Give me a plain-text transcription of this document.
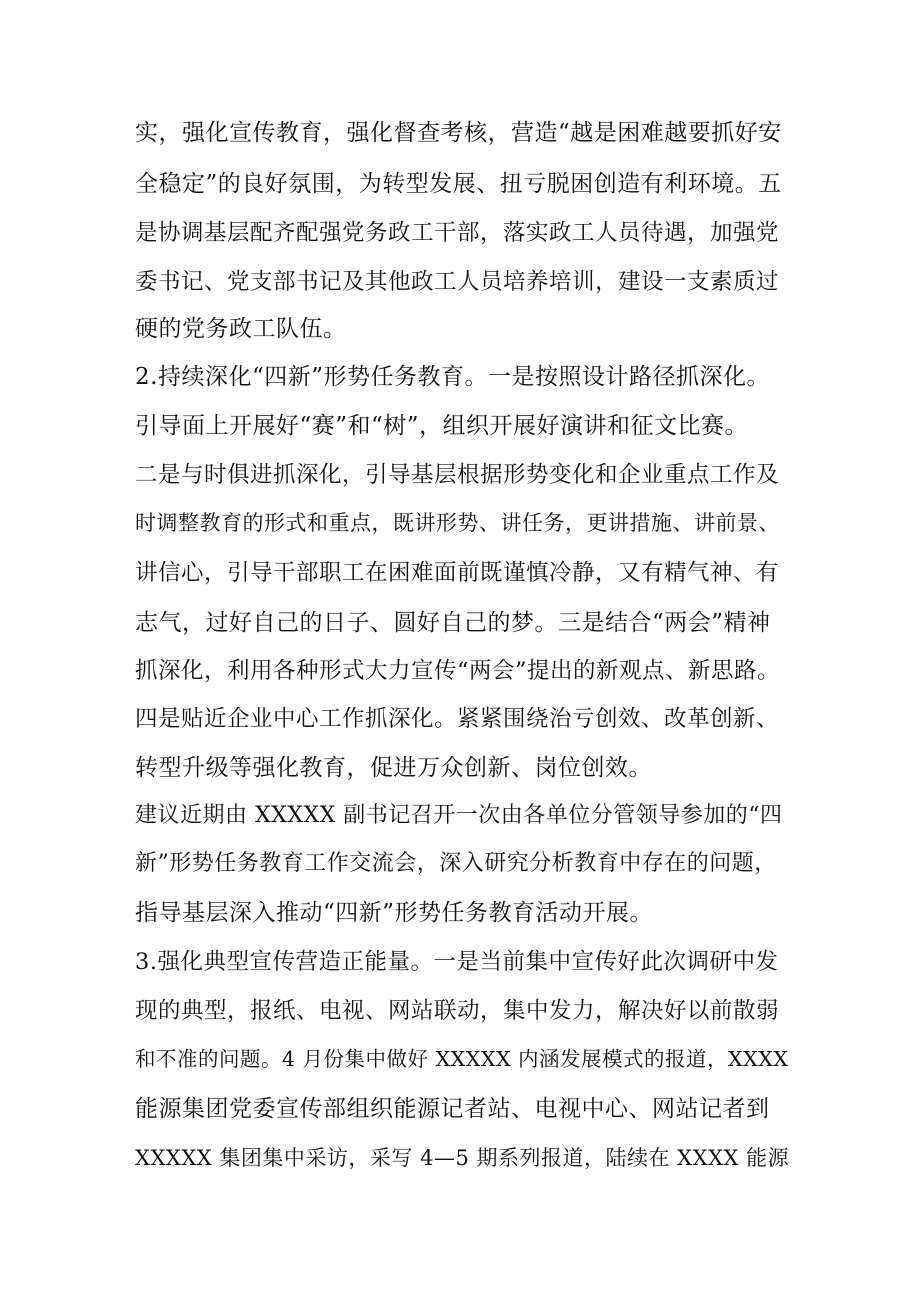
实，强化宣传教育，强化督查考核，营造“越是困难越要抓好安
全稳定”的良好氛围，为转型发展、扭亏脱困创造有利环境。五
是协调基层配齐配强党务政工干部，落实政工人员待遇，加强党
委书记、党支部书记及其他政工人员培养培训，建设一支素质过
硬的党务政工队伍。
2.持续深化“四新”形势任务教育。一是按照设计路径抓深化。
引导面上开展好“赛”和“树”，组织开展好演讲和征文比赛。
二是与时俱进抓深化，引导基层根据形势变化和企业重点工作及
时调整教育的形式和重点，既讲形势、讲任务，更讲措施、讲前景、
讲信心，引导干部职工在困难面前既谨慎冷静，又有精气神、有
志气，过好自己的日子、圆好自己的梦。三是结合“两会”精神
抓深化，利用各种形式大力宣传“两会”提出的新观点、新思路。
四是贴近企业中心工作抓深化。紧紧围绕治亏创效、改革创新、
转型升级等强化教育，促进万众创新、岗位创效。
建议近期由 XXXXX 副书记召开一次由各单位分管领导参加的“四
新”形势任务教育工作交流会，深入研究分析教育中存在的问题，
指导基层深入推动“四新”形势任务教育活动开展。
3.强化典型宣传营造正能量。一是当前集中宣传好此次调研中发
现的典型，报纸、电视、网站联动，集中发力，解决好以前散弱
和不准的问题。4 月份集中做好 XXXXX 内涵发展模式的报道，XXXX
能源集团党委宣传部组织能源记者站、电视中心、网站记者到
XXXXX 集团集中采访，采写 4—5 期系列报道，陆续在 XXXX 能源
